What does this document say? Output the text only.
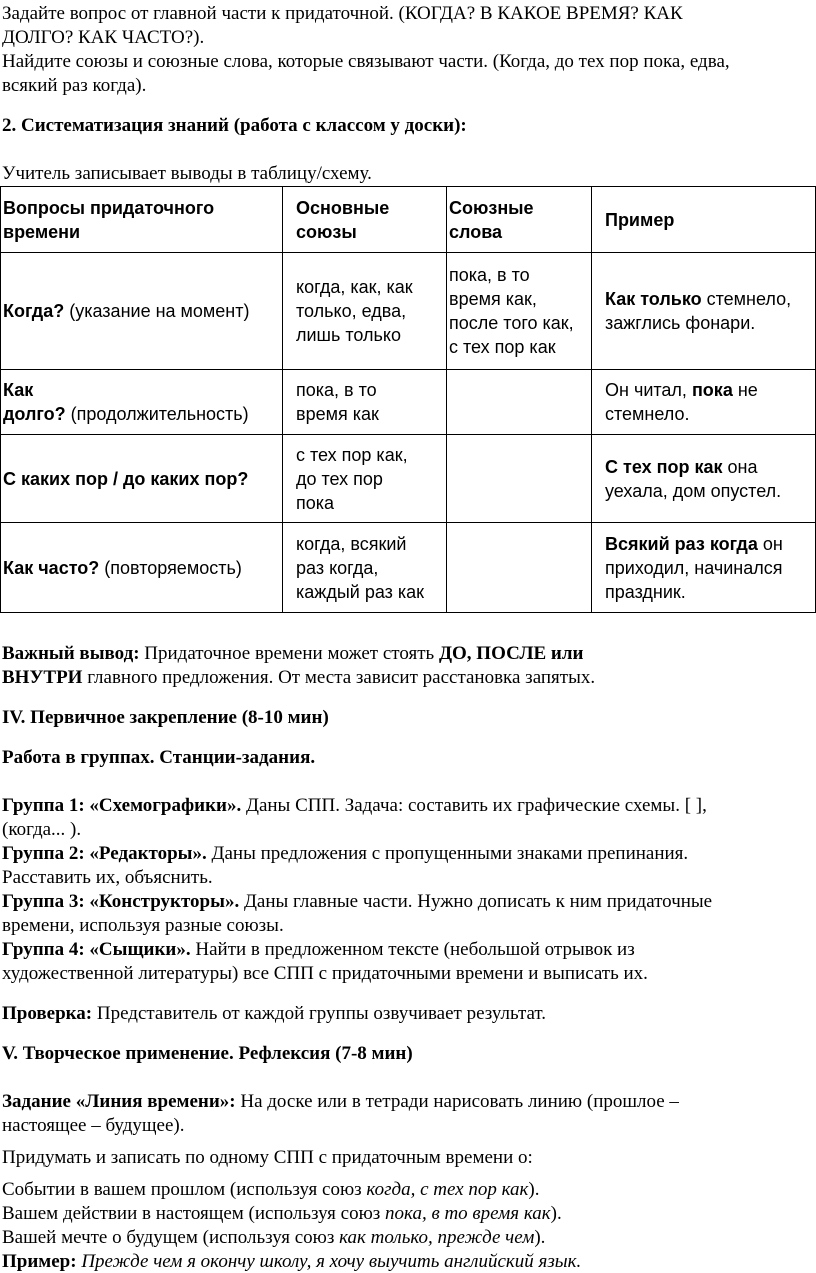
Задайте вопрос от главной части к придаточной. (КОГДА? В КАКОЕ ВРЕМЯ? КАК

ДОЛГО? КАК ЧАСТО?).

Найдите союзы и союзные слова, которые связывают части. (Когда, до тех пор пока, едва,

всякий раз когда).

2. Систематизация знаний (работа с классом у доски):

Учитель записывает выводы в таблицу/схему.

Вопросы придаточного
времени	Основные
союзы	Союзные
слова	Пример

Когда? (указание на момент)	когда, как, как
только, едва,
лишь только	пока, в то
время как,
после того как,
с тех пор как	Как только стемнело,
зажглись фонари.

Как
долго? (продолжительность)	пока, в то
время как		Он читал, пока не
стемнело.

С каких пор / до каких пор?	с тех пор как,
до тех пор
пока		С тех пор как она
уехала, дом опустел.

Как часто? (повторяемость)	когда, всякий
раз когда,
каждый раз как		Всякий раз когда он
приходил, начинался
праздник.

Важный вывод: Придаточное времени может стоять ДО, ПОСЛЕ или

ВНУТРИ главного предложения. От места зависит расстановка запятых.

IV. Первичное закрепление (8-10 мин)

Работа в группах. Станции-задания.

Группа 1: «Схемографики». Даны СПП. Задача: составить их графические схемы. [ ],

(когда... ).

Группа 2: «Редакторы». Даны предложения с пропущенными знаками препинания.

Расставить их, объяснить.

Группа 3: «Конструкторы». Даны главные части. Нужно дописать к ним придаточные

времени, используя разные союзы.

Группа 4: «Сыщики». Найти в предложенном тексте (небольшой отрывок из

художественной литературы) все СПП с придаточными времени и выписать их.

Проверка: Представитель от каждой группы озвучивает результат.

V. Творческое применение. Рефлексия (7-8 мин)

Задание «Линия времени»: На доске или в тетради нарисовать линию (прошлое –

настоящее – будущее).

Придумать и записать по одному СПП с придаточным времени о:

Событии в вашем прошлом (используя союз когда, с тех пор как).

Вашем действии в настоящем (используя союз пока, в то время как).

Вашей мечте о будущем (используя союз как только, прежде чем).

Пример: Прежде чем я окончу школу, я хочу выучить английский язык.
